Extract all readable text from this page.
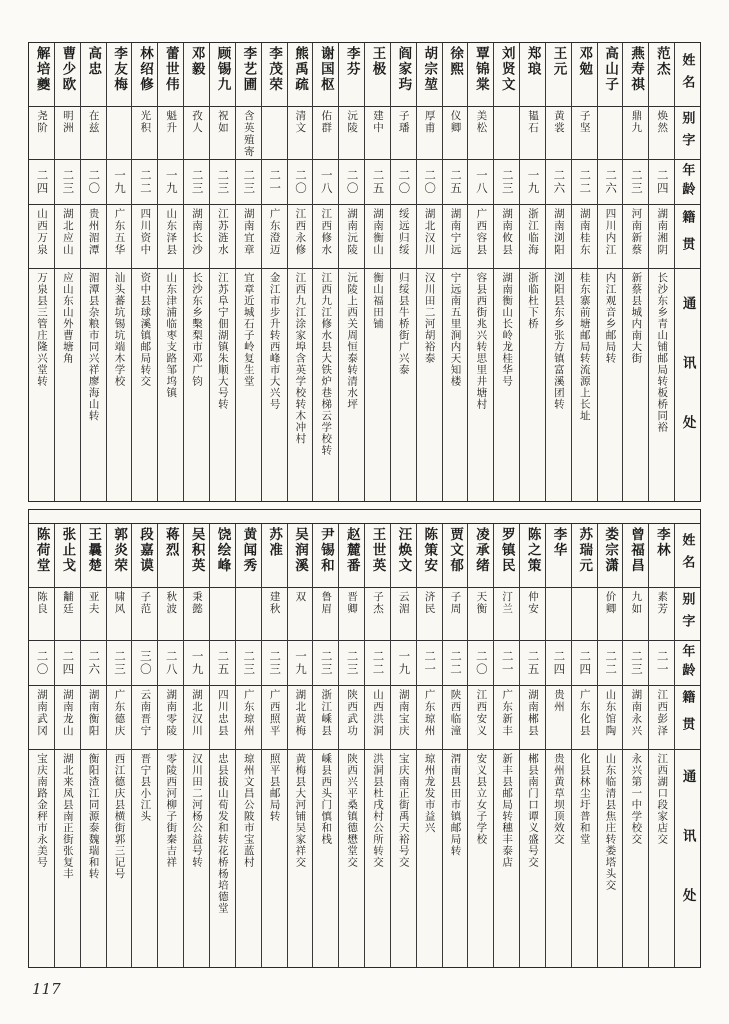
姓名
别字
年龄
籍贯
通讯处
范杰
焕然
二四
湖南湘阴
长沙东乡青山铺邮局转板桥同裕
燕寿祺
鼎九
二三
河南新蔡
新蔡县城内南大街
高山子
二六
四川内江
内江观音乡邮局转
邓勉
子坚
二二
湖南桂东
桂东寨前塘邮局转流源上长址
王元
黄裳
二六
湖南浏阳
浏阳县东乡张方镇富溪团转
郑琅
韫石
一九
浙江临海
浙临杜下桥
刘贤文
二三
湖南攸县
湖南衡山长岭龙桂华号
覃锦棠
美松
一八
广西容县
容县西街兆兴转思里井塘村
徐熙
仪卿
二五
湖南宁远
宁远南五里涧内天知楼
胡宗堃
厚甫
二〇
湖北汉川
汉川田二河胡裕泰
阎家玙
子璠
二〇
绥远归绥
归绥县牛桥街广兴泰
王极
建中
二五
湖南衡山
衡山福田铺
李芬
沅陵
二〇
湖南沅陵
沅陵上西关周恒泰转清水坪
谢国枢
佑群
一八
江西修水
江西九江修水县大铁炉巷梯云学校转
熊禹疏
清文
二〇
江西永修
江西九江涂家埠含英学校转木冲村
李茂荣
二一
广东澄迈
金江市步升转西峰市大兴号
李艺圃
含英殖寄
二三
湖南宜章
宜章近城石子岭复生堂
顾锡九
祝如
二三
江苏涟水
江苏阜宁佃湖镇朱顺大号转
邓毅
孜人
二三
湖南长沙
长沙东乡檕梨市邓广钧
蕾世伟
魁升
一九
山东泽县
山东津浦临枣支路邹坞镇
林绍修
光积
二二
四川资中
资中县球溪镇邮局转交
李友梅
一九
广东五华
汕头蕃坑锡坑端木学校
高忠
在兹
二〇
贵州湄潭
湄潭县杂粮市同兴祥廖海山转
曹少欧
明洲
二三
湖北应山
应山东山外曹塘角
解培夔
尧阶
二四
山西万泉
万泉县三管庄隆兴堂转
姓名
别字
年龄
籍贯
通讯处
李林
素芳
二一
江西彭泽
江西湖口段家店交
曾福昌
九如
二三
湖南永兴
永兴第一中学校交
娄宗潇
价卿
二二
山东馆陶
山东临清县焦庄转娄塔头交
苏瑞元
二四
广东化县
化县林尘圩普和堂
李华
二四
贵州
贵州黄草坝顶效交
陈之策
仲安
二五
湖南郴县
郴县南门口谭义盛号交
罗镇民
汀兰
二一
广东新丰
新丰县邮局转穗丰泰店
凌承绪
天衡
二〇
江西安义
安义县立女子学校
贾文郁
子周
二二
陕西临潼
渭南县田市镇邮局转
陈策安
济民
二一
广东琼州
琼州龙发市益兴
汪焕文
云湄
一九
湖南宝庆
宝庆南正街禹天裕号交
王世英
子杰
二二
山西洪洞
洪洞县杜戌村公所转交
赵麓番
晋卿
二三
陕西武功
陕西兴平桑镇德懋堂交
尹锡和
鲁眉
二三
浙江嵊县
嵊县西头门慎和栈
吴润溪
双
一九
湖北黄梅
黄梅县大河铺吴家祥交
苏准
建秋
二三
广西照平
照平县邮局转
黄闻秀
二三
广东琼州
琼州文昌公陂市宝蓝村
饶绘峰
二五
四川忠县
忠县拔山荀发和转花桥杨培德堂
吴积英
秉懿
一九
湖北汉川
汉川田二河杨公益号转
蒋烈
秋波
二八
湖南零陵
零陵西河柳子街秦吉祥
段嘉谟
子范
三〇
云南晋宁
晋宁县小江头
郭炎荣
啸风
二三
广东德庆
西江德庆县横街郭三记号
王曩楚
亚夫
二六
湖南衡阳
衡阳渣江同源泰魏瑞和转
张止戈
黼廷
二四
湖南龙山
湖北来凤县南正街张复丰
陈荷堂
陈良
二〇
湖南武冈
宝庆南路金秤市永美号
117
